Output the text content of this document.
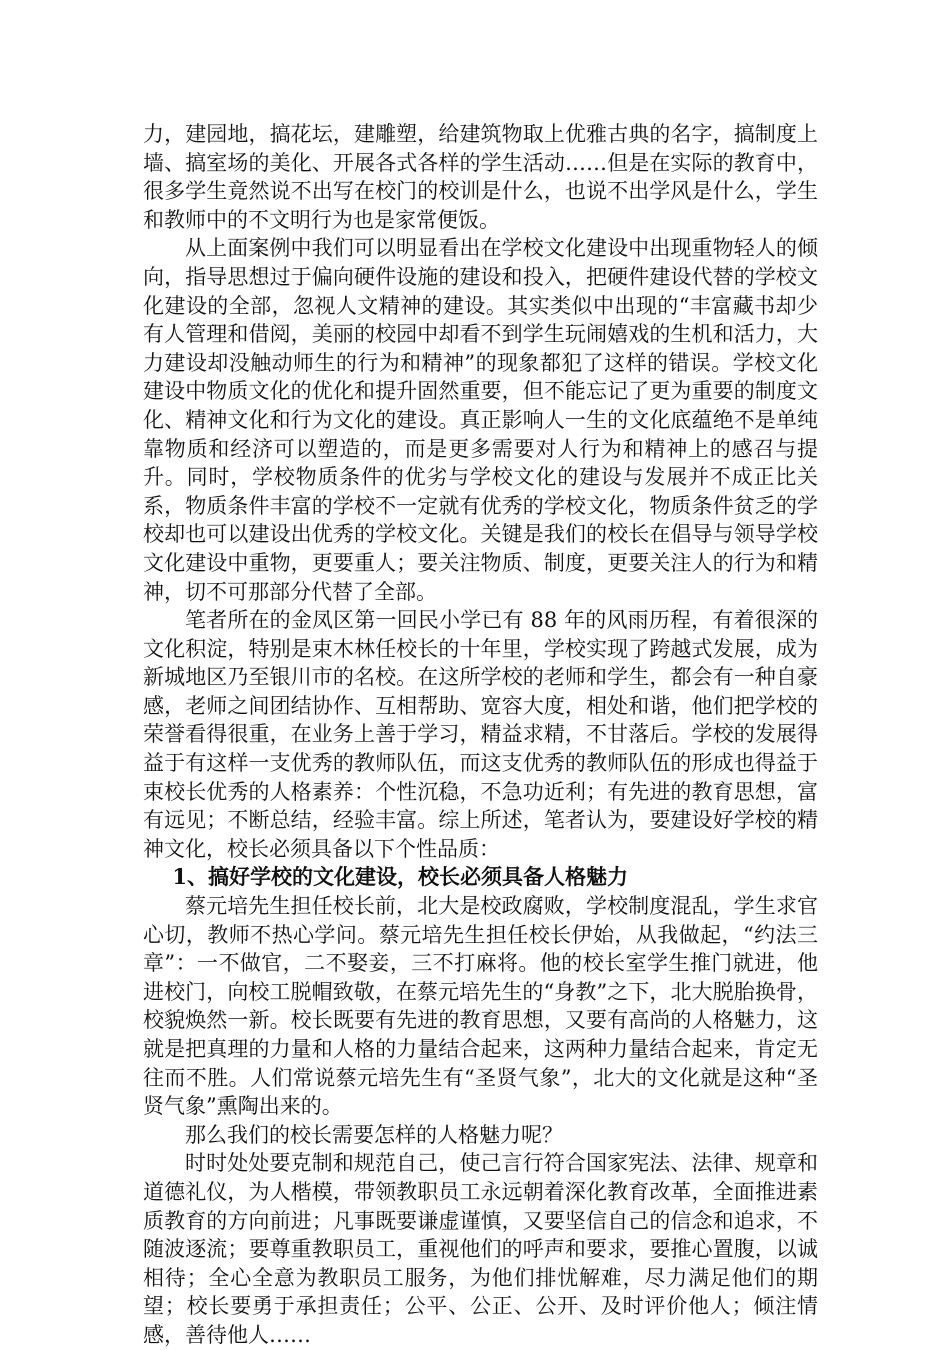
力，建园地，搞花坛，建雕塑，给建筑物取上优雅古典的名字，搞制度上墙、搞室场的美化、开展各式各样的学生活动……但是在实际的教育中，很多学生竟然说不出写在校门的校训是什么，也说不出学风是什么，学生和教师中的不文明行为也是家常便饭。

从上面案例中我们可以明显看出在学校文化建设中出现重物轻人的倾向，指导思想过于偏向硬件设施的建设和投入，把硬件建设代替的学校文化建设的全部，忽视人文精神的建设。其实类似中出现的“丰富藏书却少有人管理和借阅，美丽的校园中却看不到学生玩闹嬉戏的生机和活力，大力建设却没触动师生的行为和精神”的现象都犯了这样的错误。学校文化建设中物质文化的优化和提升固然重要，但不能忘记了更为重要的制度文化、精神文化和行为文化的建设。真正影响人一生的文化底蕴绝不是单纯靠物质和经济可以塑造的，而是更多需要对人行为和精神上的感召与提升。同时，学校物质条件的优劣与学校文化的建设与发展并不成正比关系，物质条件丰富的学校不一定就有优秀的学校文化，物质条件贫乏的学校却也可以建设出优秀的学校文化。关键是我们的校长在倡导与领导学校文化建设中重物，更要重人；要关注物质、制度，更要关注人的行为和精神，切不可那部分代替了全部。

笔者所在的金凤区第一回民小学已有 88 年的风雨历程，有着很深的文化积淀，特别是束木林任校长的十年里，学校实现了跨越式发展，成为新城地区乃至银川市的名校。在这所学校的老师和学生，都会有一种自豪感，老师之间团结协作、互相帮助、宽容大度，相处和谐，他们把学校的荣誉看得很重，在业务上善于学习，精益求精，不甘落后。学校的发展得益于有这样一支优秀的教师队伍，而这支优秀的教师队伍的形成也得益于束校长优秀的人格素养：个性沉稳，不急功近利；有先进的教育思想，富有远见；不断总结，经验丰富。综上所述，笔者认为，要建设好学校的精神文化，校长必须具备以下个性品质：

1、搞好学校的文化建设，校长必须具备人格魅力

蔡元培先生担任校长前，北大是校政腐败，学校制度混乱，学生求官心切，教师不热心学问。蔡元培先生担任校长伊始，从我做起，“约法三章”：一不做官，二不娶妾，三不打麻将。他的校长室学生推门就进，他进校门，向校工脱帽致敬，在蔡元培先生的“身教”之下，北大脱胎换骨，校貌焕然一新。校长既要有先进的教育思想，又要有高尚的人格魅力，这就是把真理的力量和人格的力量结合起来，这两种力量结合起来，肯定无往而不胜。人们常说蔡元培先生有“圣贤气象”，北大的文化就是这种“圣贤气象”熏陶出来的。

那么我们的校长需要怎样的人格魅力呢？

时时处处要克制和规范自己，使己言行符合国家宪法、法律、规章和道德礼仪，为人楷模，带领教职员工永远朝着深化教育改革，全面推进素质教育的方向前进；凡事既要谦虚谨慎，又要坚信自己的信念和追求，不随波逐流；要尊重教职员工，重视他们的呼声和要求，要推心置腹，以诚相待；全心全意为教职员工服务，为他们排忧解难，尽力满足他们的期望；校长要勇于承担责任；公平、公正、公开、及时评价他人；倾注情感，善待他人……
